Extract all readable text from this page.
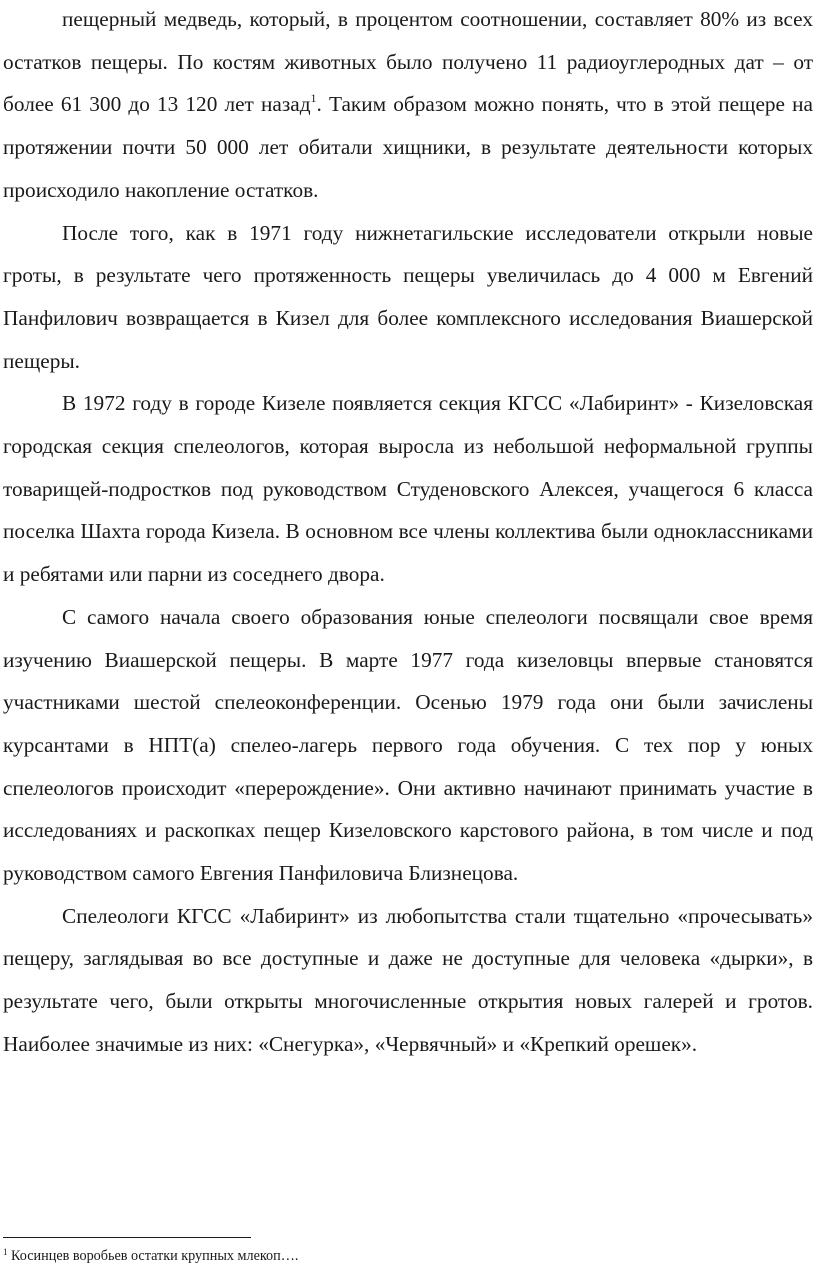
пещерный медведь, который, в процентом соотношении, составляет 80% из всех остатков пещеры. По костям животных было получено 11 радиоуглеродных дат – от более 61 300 до 13 120 лет назад$^1$. Таким образом можно понять, что в этой пещере на протяжении почти 50 000 лет обитали хищники, в результате деятельности которых происходило накопление остатков.

После того, как в 1971 году нижнетагильские исследователи открыли новые гроты, в результате чего протяженность пещеры увеличилась до 4 000 м Евгений Панфилович возвращается в Кизел для более комплексного исследования Виашерской пещеры.

В 1972 году в городе Кизеле появляется секция КГСС «Лабиринт» - Кизеловская городская секция спелеологов, которая выросла из небольшой неформальной группы товарищей-подростков под руководством Студеновского Алексея, учащегося 6 класса поселка Шахта города Кизела. В основном все члены коллектива были одноклассниками и ребятами или парни из соседнего двора.

С самого начала своего образования юные спелеологи посвящали свое время изучению Виашерской пещеры. В марте 1977 года кизеловцы впервые становятся участниками шестой спелеоконференции. Осенью 1979 года они были зачислены курсантами в НПТ(а) спелео-лагерь первого года обучения. С тех пор у юных спелеологов происходит «перерождение». Они активно начинают принимать участие в исследованиях и раскопках пещер Кизеловского карстового района, в том числе и под руководством самого Евгения Панфиловича Близнецова.

Спелеологи КГСС «Лабиринт» из любопытства стали тщательно «прочесывать» пещеру, заглядывая во все доступные и даже не доступные для человека «дырки», в результате чего, были открыты многочисленные открытия новых галерей и гротов. Наиболее значимые из них: «Снегурка», «Червячный» и «Крепкий орешек».

$^1$ Косинцев воробьев остатки крупных млекоп….
